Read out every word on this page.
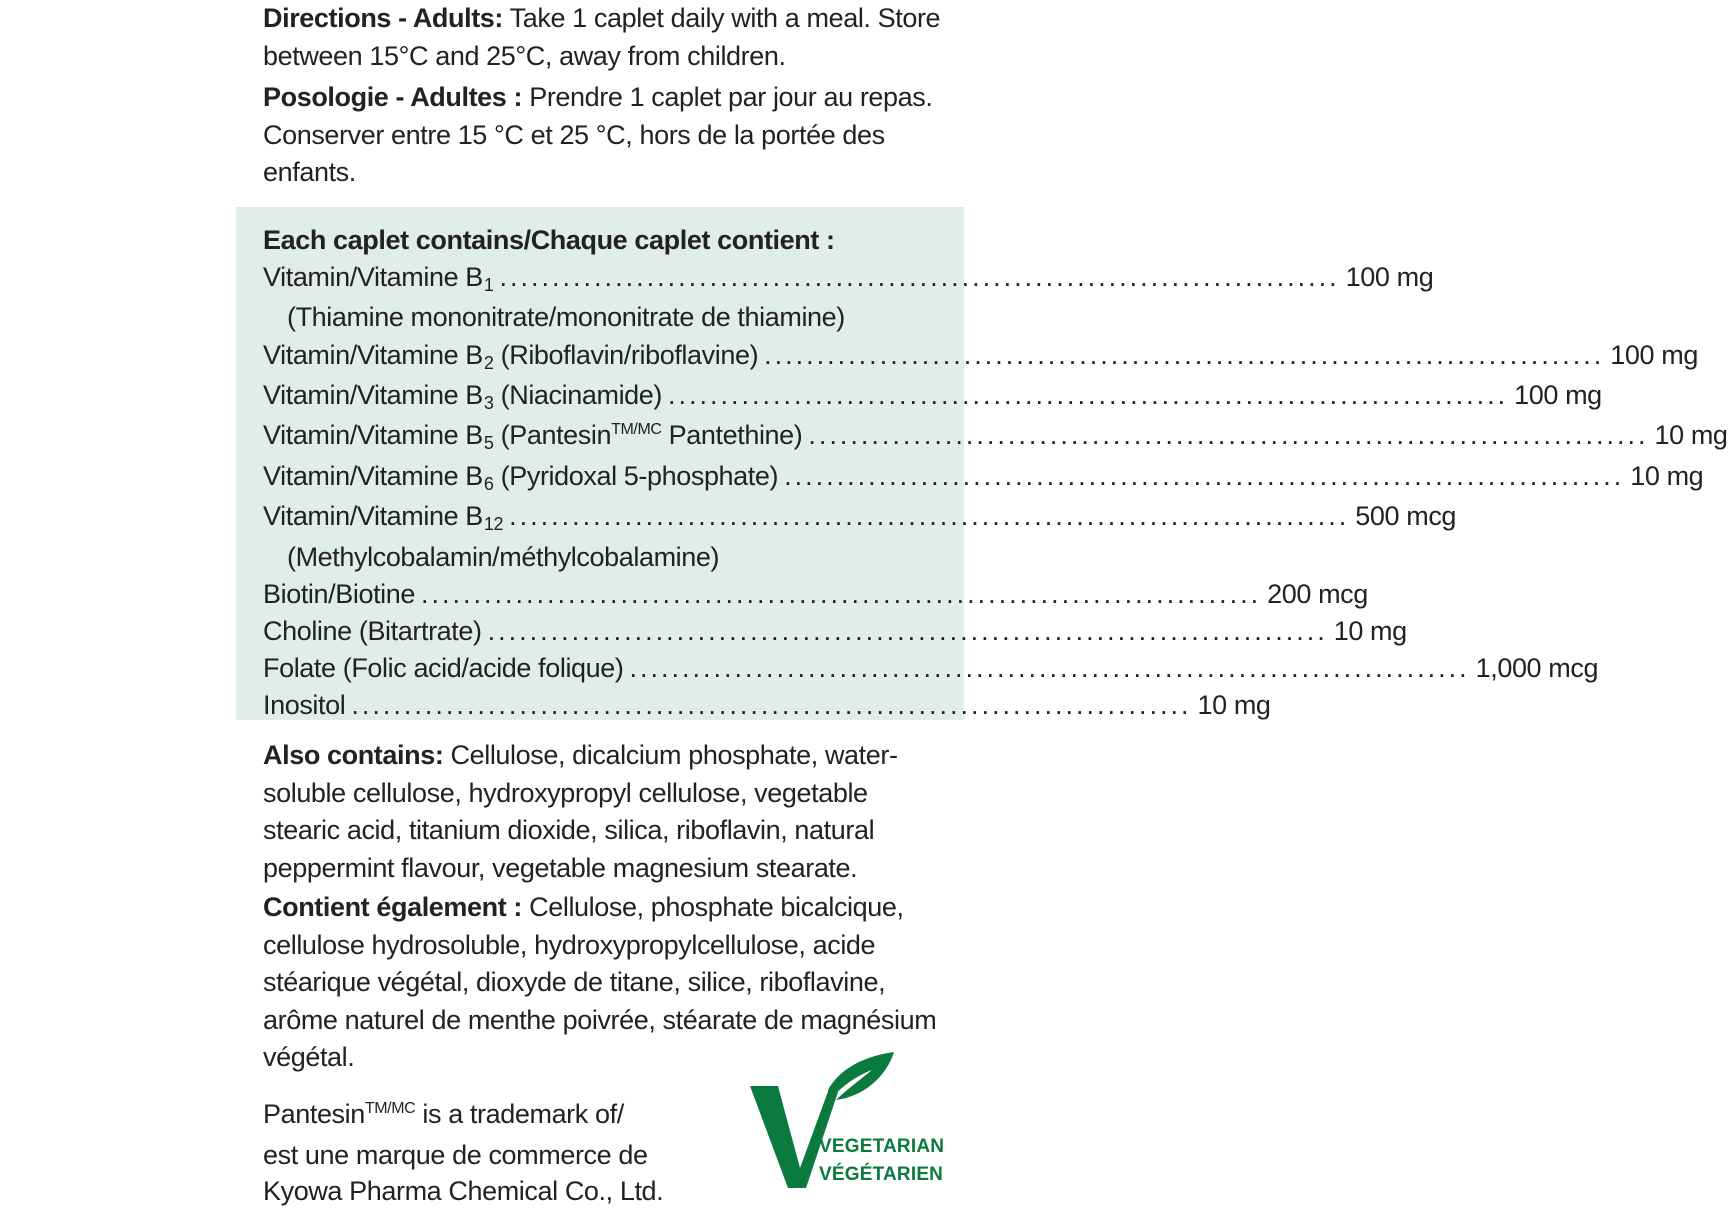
Directions - Adults: Take 1 caplet daily with a meal. Store between 15°C and 25°C, away from children.

Posologie - Adultes : Prendre 1 caplet par jour au repas. Conserver entre 15 °C et 25 °C, hors de la portée des enfants.

Each caplet contains/Chaque caplet contient :
Vitamin/Vitamine B1 ................................................................................ 100 mg
(Thiamine mononitrate/mononitrate de thiamine)
Vitamin/Vitamine B2 (Riboflavin/riboflavine) ................................................................................ 100 mg
Vitamin/Vitamine B3 (Niacinamide) ................................................................................ 100 mg
Vitamin/Vitamine B5 (Pantesin$^{TM/MC}$ Pantethine) ................................................................................ 10 mg
Vitamin/Vitamine B6 (Pyridoxal 5-phosphate) ................................................................................ 10 mg
Vitamin/Vitamine B12 ................................................................................ 500 mcg
(Methylcobalamin/méthylcobalamine)
Biotin/Biotine ................................................................................ 200 mcg
Choline (Bitartrate) ................................................................................ 10 mg
Folate (Folic acid/acide folique) ................................................................................ 1,000 mcg
Inositol ................................................................................ 10 mg

Also contains: Cellulose, dicalcium phosphate, water-soluble cellulose, hydroxypropyl cellulose, vegetable stearic acid, titanium dioxide, silica, riboflavin, natural peppermint flavour, vegetable magnesium stearate.

Contient également : Cellulose, phosphate bicalcique, cellulose hydrosoluble, hydroxypropylcellulose, acide stéarique végétal, dioxyde de titane, silice, riboflavine, arôme naturel de menthe poivrée, stéarate de magnésium végétal.

Pantesin$^{TM/MC}$ is a trademark of/
est une marque de commerce de
Kyowa Pharma Chemical Co., Ltd.
VEGETARIAN
VÉGÉTARIEN
